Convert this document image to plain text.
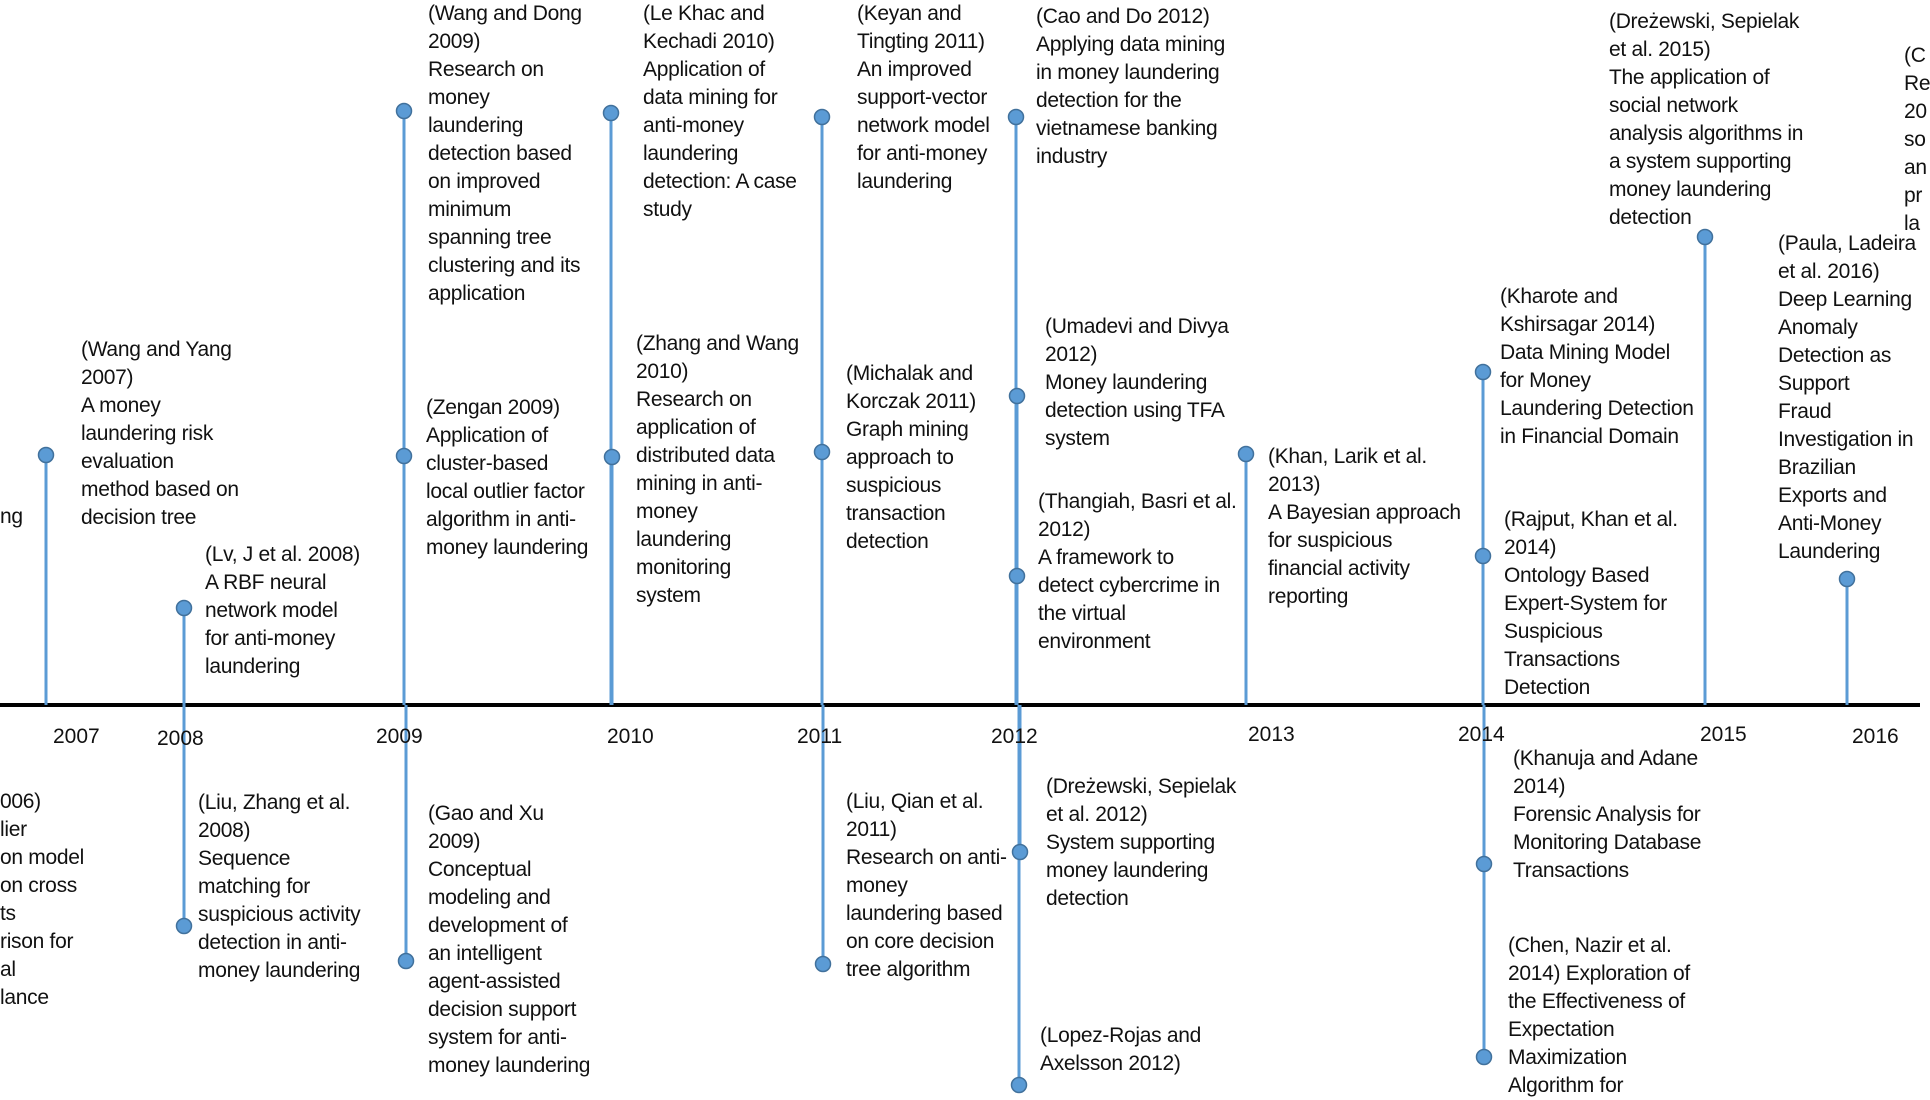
(Wang and Dong
2009)
Research on
money
laundering
detection based
on improved
minimum
spanning tree
clustering and its
application
(Le Khac and
Kechadi 2010)
Application of
data mining for
anti-money
laundering
detection: A case
study
(Keyan and
Tingting 2011)
An improved
support-vector
network model
for anti-money
laundering
(Cao and Do 2012)
Applying data mining
in money laundering
detection for the
vietnamese banking
industry
(Dreżewski, Sepielak
et al. 2015)
The application of
social network
analysis algorithms in
a system supporting
money laundering
detection
(C
Re
20
so
an
pr
la
(Wang and Yang
2007)
A money
laundering risk
evaluation
method based on
decision tree
ng
(Zengan 2009)
Application of
cluster-based
local outlier factor
algorithm in anti-
money laundering
(Zhang and Wang
2010)
Research on
application of
distributed data
mining in anti-
money
laundering
monitoring
system
(Michalak and
Korczak 2011)
Graph mining
approach to
suspicious
transaction
detection
(Umadevi and Divya
2012)
Money laundering
detection using TFA
system
(Khan, Larik et al.
2013)
A Bayesian approach
for suspicious
financial activity
reporting
(Kharote and
Kshirsagar 2014)
Data Mining Model
for Money
Laundering Detection
in Financial Domain
(Paula, Ladeira
et al. 2016)
Deep Learning
Anomaly
Detection as
Support
Fraud
Investigation in
Brazilian
Exports and
Anti-Money
Laundering
(Lv, J et al. 2008)
A RBF neural
network model
for anti-money
laundering
(Thangiah, Basri et al.
2012)
A framework to
detect cybercrime in
the virtual
environment
(Rajput, Khan et al.
2014)
Ontology Based
Expert-System for
Suspicious
Transactions
Detection
006)
lier
on model
on cross
ts
rison for
al
lance
(Liu, Zhang et al.
2008)
Sequence
matching for
suspicious activity
detection in anti-
money laundering
(Gao and Xu
2009)
Conceptual
modeling and
development of
an intelligent
agent-assisted
decision support
system for anti-
money laundering
(Liu, Qian et al.
2011)
Research on anti-
money
laundering based
on core decision
tree algorithm
(Dreżewski, Sepielak
et al. 2012)
System supporting
money laundering
detection
(Khanuja and Adane
2014)
Forensic Analysis for
Monitoring Database
Transactions
(Chen, Nazir et al.
2014) Exploration of
the Effectiveness of
Expectation
Maximization
Algorithm for
(Lopez-Rojas and
Axelsson 2012)
2007	2008	2009	2010	2011	2012	2013	2014	2015	2016
